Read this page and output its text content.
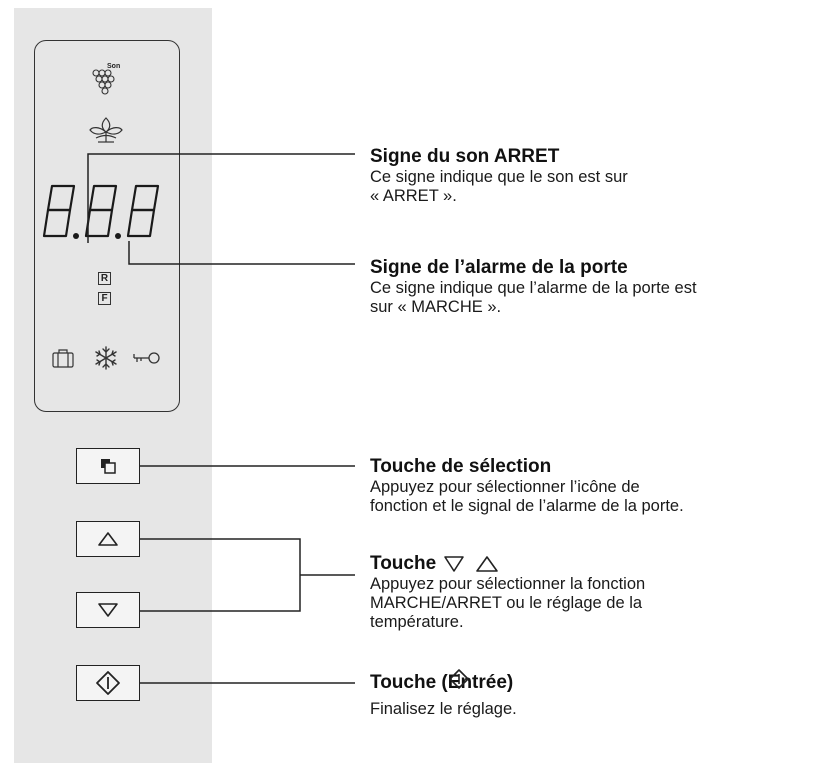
Son
R
F
Signe du son ARRET
Ce signe indique que le son est sur
« ARRET ».
Signe de l’alarme de la porte
Ce signe indique que l’alarme de la porte est
sur « MARCHE ».
Touche de sélection
Appuyez pour sélectionner l’icône de
fonction et le signal de l’alarme de la porte.
Touche
Appuyez pour sélectionner la fonction
MARCHE/ARRET ou le réglage de la
température.
Touche (Entrée)
Finalisez le réglage.
